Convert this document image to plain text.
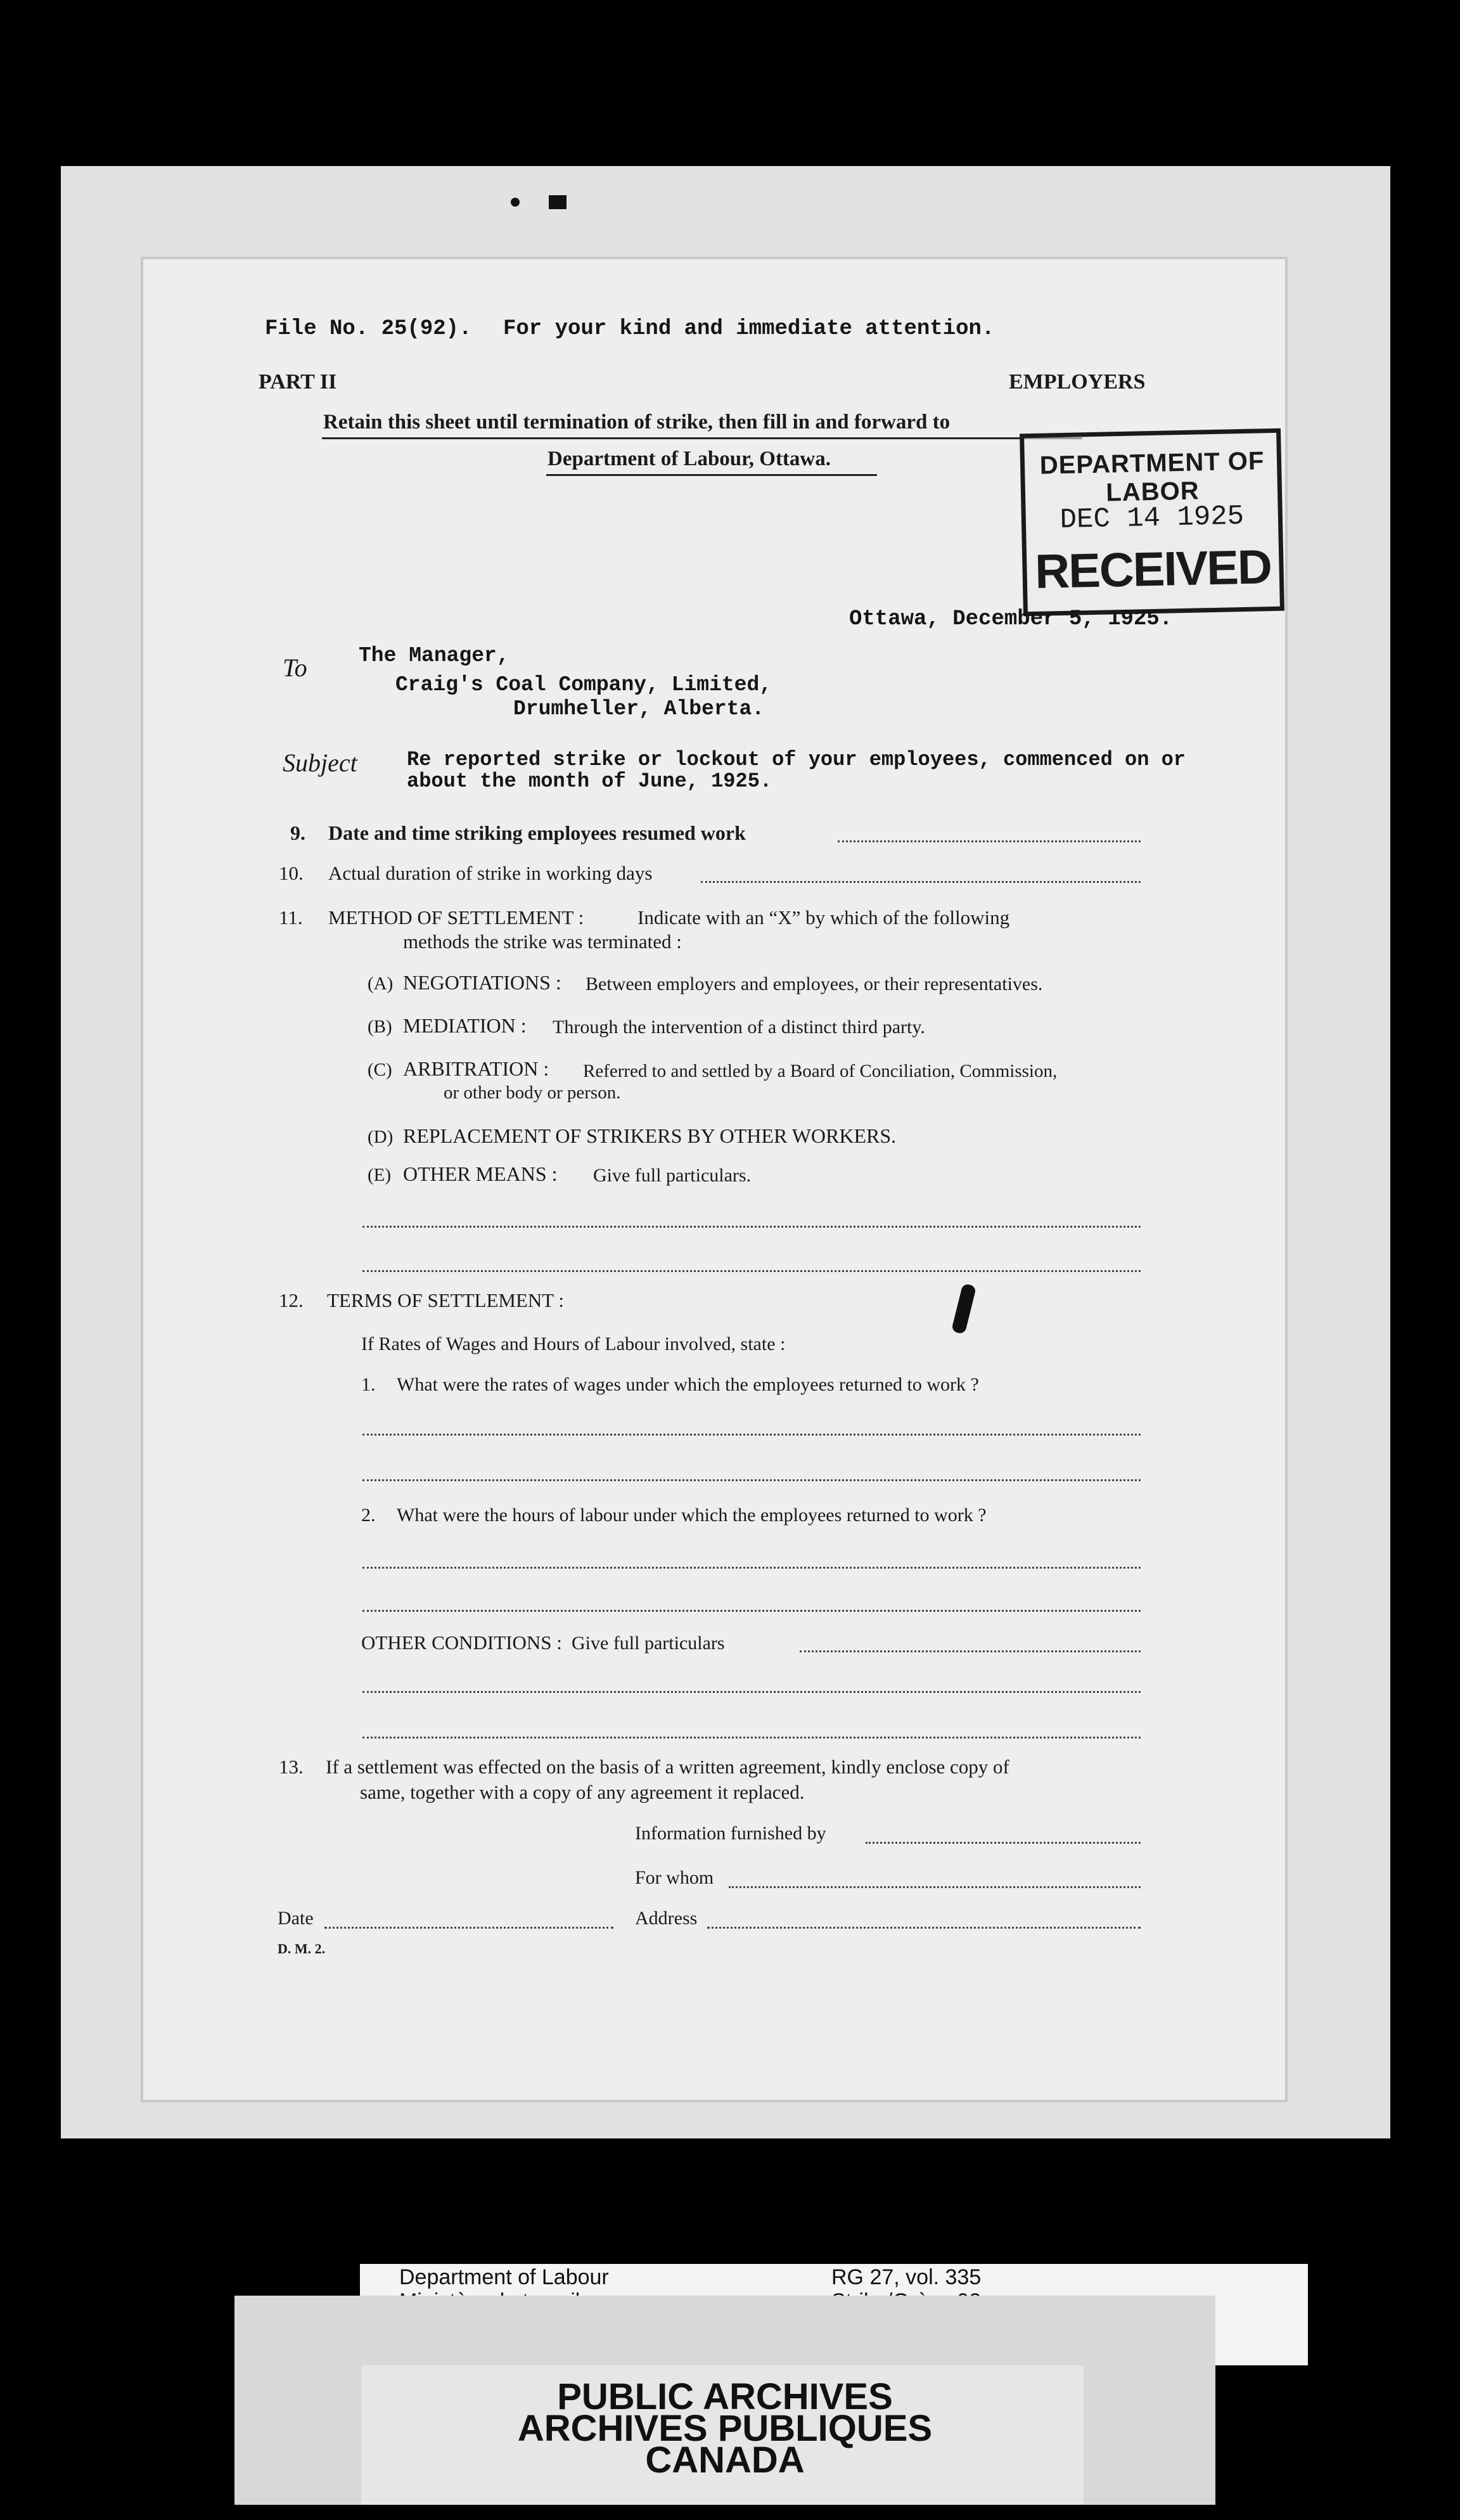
File No. 25(92). For your kind and immediate attention.
PART II	EMPLOYERS
Retain this sheet until termination of strike, then fill in and forward to
Department of Labour, Ottawa.	DEPARTMENT OF LABOR
DEC 14 1925
RECEIVED
Ottawa, December 5, 1925.
To The Manager,
Craig's Coal Company, Limited,
Drumheller, Alberta.
Subject Re reported strike or lockout of your employees, commenced on or
about the month of June, 1925.
9. Date and time striking employees resumed work
10. Actual duration of strike in working days
11. METHOD OF SETTLEMENT :	Indicate with an “X” by which of the following
methods the strike was terminated :
(A) NEGOTIATIONS : Between employers and employees, or their representatives.
(B) MEDIATION : Through the intervention of a distinct third party.
(C) ARBITRATION : Referred to and settled by a Board of Conciliation, Commission,
or other body or person.
(D) REPLACEMENT OF STRIKERS BY OTHER WORKERS.
(E) OTHER MEANS : Give full particulars.
12. TERMS OF SETTLEMENT :
If Rates of Wages and Hours of Labour involved, state :
1. What were the rates of wages under which the employees returned to work ?
2. What were the hours of labour under which the employees returned to work ?
OTHER CONDITIONS : Give full particulars
13. If a settlement was effected on the basis of a written agreement, kindly enclose copy of
same, together with a copy of any agreement it replaced.
Information furnished by
For whom
Date	Address
D. M. 2.
Department of Labour	RG 27, vol. 335
PUBLIC ARCHIVES
ARCHIVES PUBLIQUES
CANADA
